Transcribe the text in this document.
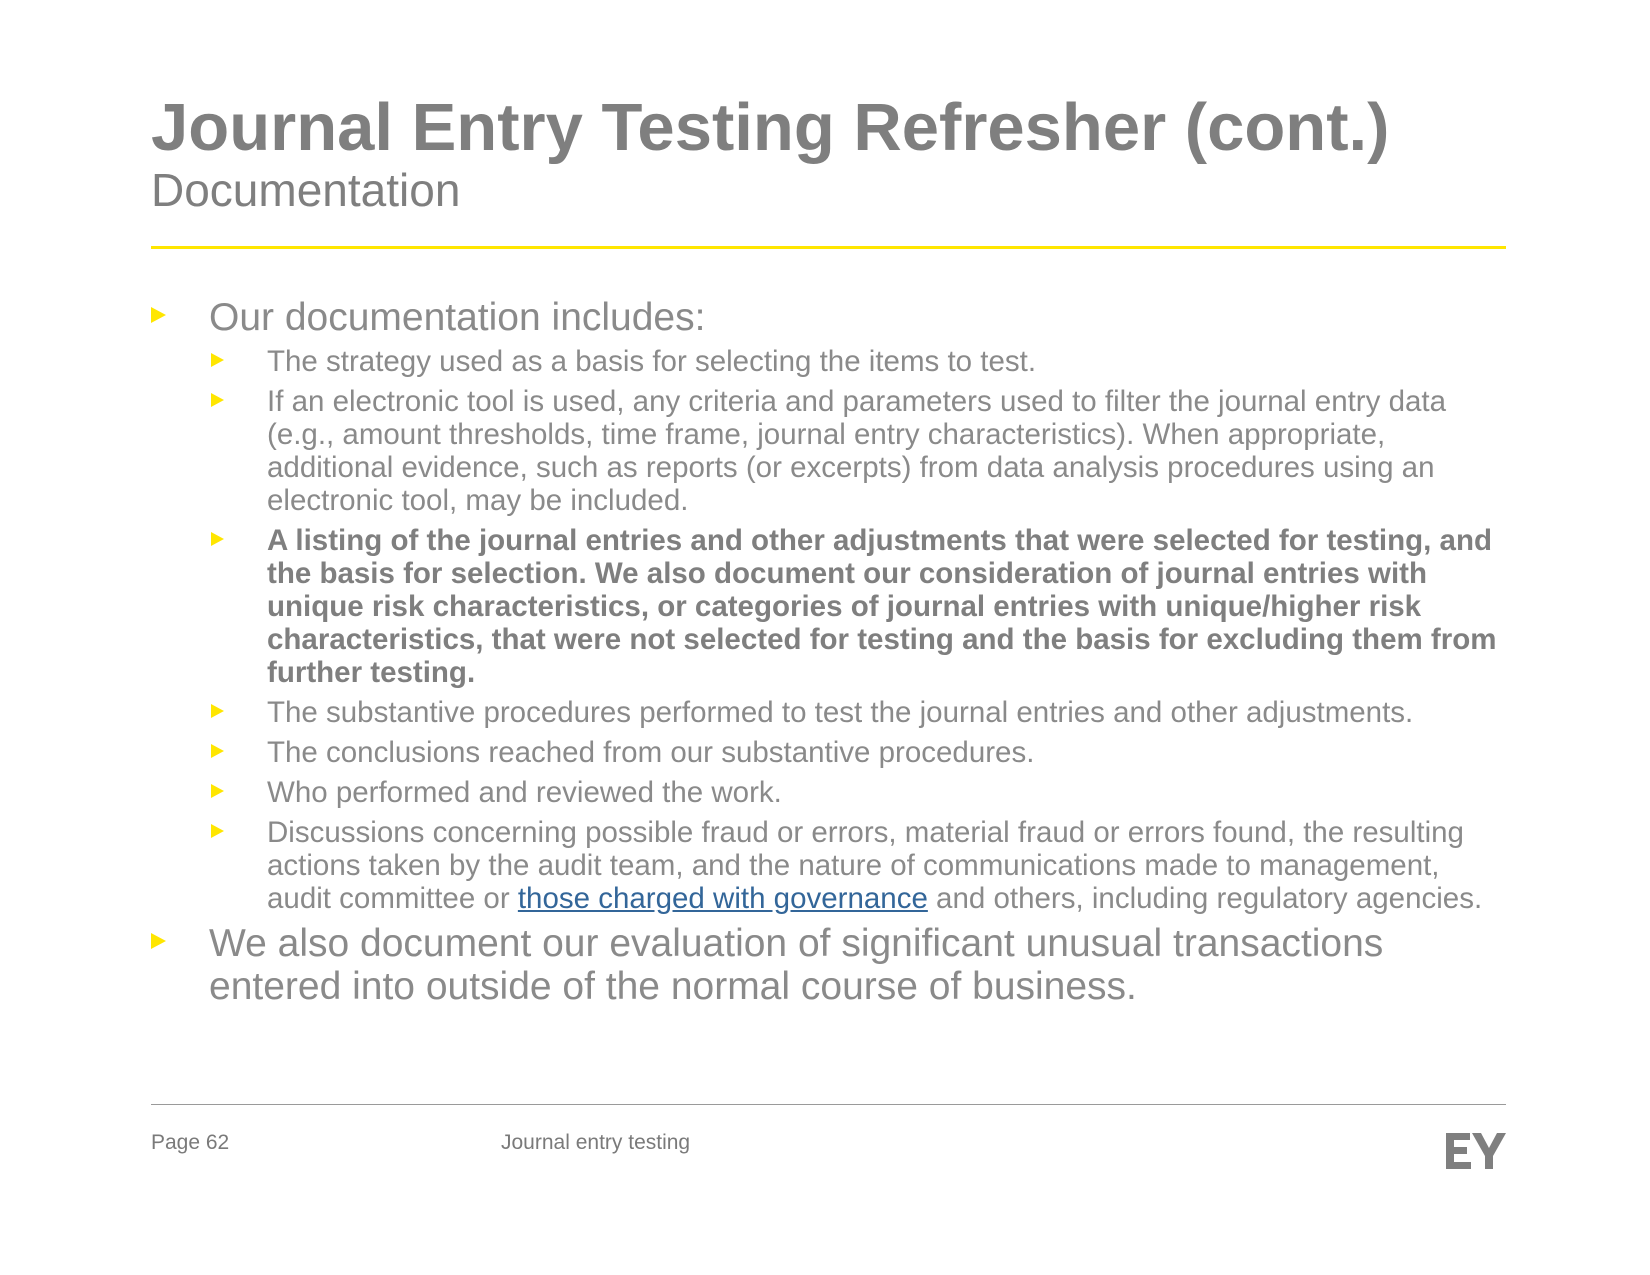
Journal Entry Testing Refresher (cont.)
Documentation
Our documentation includes:
The strategy used as a basis for selecting the items to test.
If an electronic tool is used, any criteria and parameters used to filter the journal entry data (e.g., amount thresholds, time frame, journal entry characteristics). When appropriate, additional evidence, such as reports (or excerpts) from data analysis procedures using an electronic tool, may be included.
A listing of the journal entries and other adjustments that were selected for testing, and the basis for selection. We also document our consideration of journal entries with unique risk characteristics, or categories of journal entries with unique/higher risk characteristics, that were not selected for testing and the basis for excluding them from further testing.
The substantive procedures performed to test the journal entries and other adjustments.
The conclusions reached from our substantive procedures.
Who performed and reviewed the work.
Discussions concerning possible fraud or errors, material fraud or errors found, the resulting actions taken by the audit team, and the nature of communications made to management, audit committee or those charged with governance and others, including regulatory agencies.
We also document our evaluation of significant unusual transactions entered into outside of the normal course of business.
Page 62	Journal entry testing
